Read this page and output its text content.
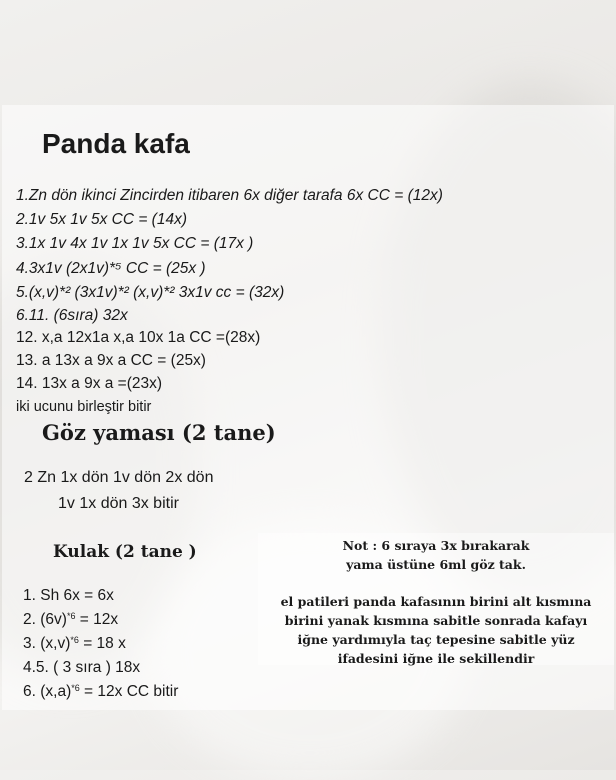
Panda kafa
1.Zn dön ikinci Zincirden itibaren 6x diğer tarafa 6x CC = (12x)
2.1v 5x 1v 5x CC = (14x)
3.1x 1v 4x 1v 1x 1v 5x CC = (17x )
4.3x1v (2x1v)*⁵ CC = (25x )
5.(x,v)*² (3x1v)*² (x,v)*² 3x1v cc = (32x)
6.11. (6sıra) 32x
12. x,a 12x1a x,a 10x 1a CC =(28x)
13. a 13x a 9x a CC = (25x)
14. 13x a 9x a =(23x)
iki ucunu birleştir bitir
Göz yaması (2 tane)
2 Zn 1x dön 1v dön 2x dön
1v 1x dön 3x bitir
Kulak (2 tane )
1. Sh 6x = 6x
2. $(6v)^{*6} = 12x$
3. $(x,v)^{*6} = 18$ x
4.5. ( 3 sıra ) 18x
6. $(x,a)^{*6} = 12x$ CC bitir
Not : 6 sıraya 3x bırakarak
yama üstüne 6ml göz tak.
el patileri panda kafasının birini alt kısmına
birini yanak kısmına sabitle sonrada kafayı
iğne yardımıyla taç tepesine sabitle yüz
ifadesini iğne ile sekillendir
